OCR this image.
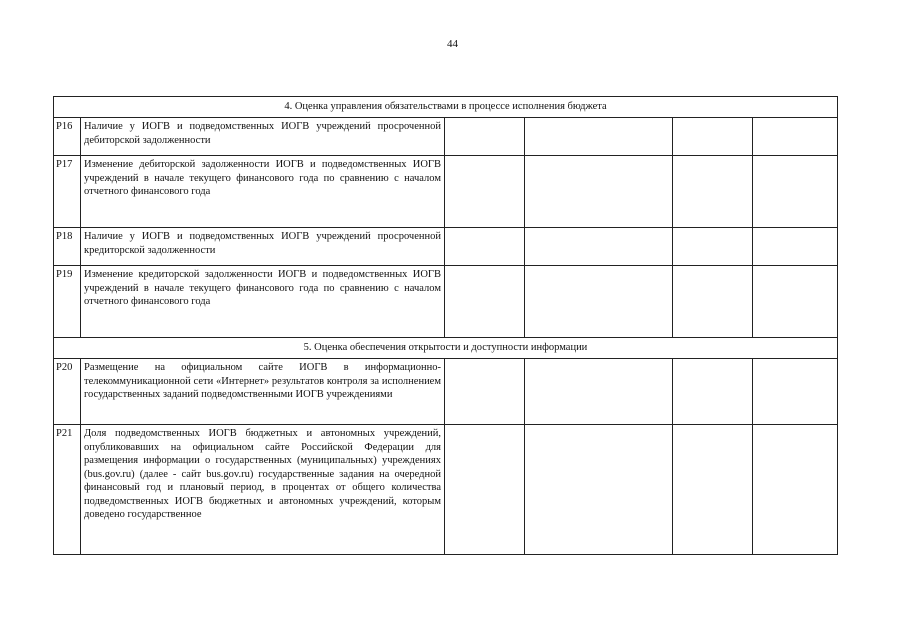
44
4. Оценка управления обязательствами в процессе исполнения бюджета					
Р16	Наличие у ИОГВ и подведомственных ИОГВ учреждений просроченной дебиторской задолженности				
Р17	Изменение дебиторской задолженности ИОГВ и подведомственных ИОГВ учреждений в начале текущего финансового года по сравнению с началом отчетного финансового года				
Р18	Наличие у ИОГВ и подведомственных ИОГВ учреждений просроченной кредиторской задолженности				
Р19	Изменение кредиторской задолженности ИОГВ и подведомственных ИОГВ учреждений в начале текущего финансового года по сравнению с началом отчетного финансового года				
5. Оценка обеспечения открытости и доступности информации					
Р20	Размещение на официальном сайте ИОГВ в информационно-телекоммуникационной сети «Интернет» результатов контроля за исполнением государственных заданий подведомственными ИОГВ учреждениями				
Р21	Доля подведомственных ИОГВ бюджетных и автономных учреждений, опубликовавших на официальном сайте Российской Федерации для размещения информации о государственных (муниципальных) учреждениях (bus.gov.ru) (далее - сайт bus.gov.ru) государственные задания на очередной финансовый год и плановый период, в процентах от общего количества подведомственных ИОГВ бюджетных и автономных учреждений, которым доведено государственное				
